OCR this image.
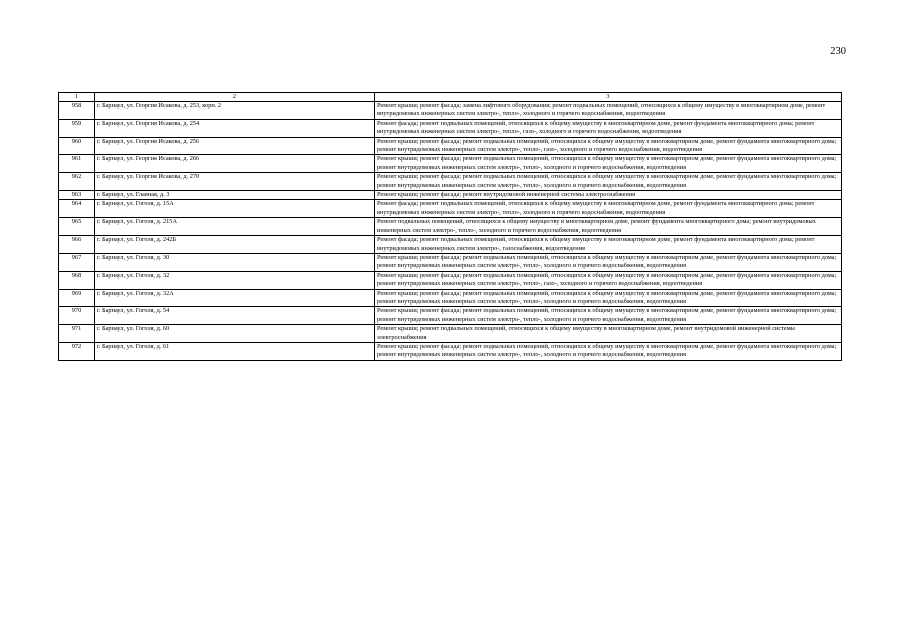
230
1	2	3
958	г. Барнаул, ул. Георгия Исакова, д. 253, корп. 2	Ремонт крыши; ремонт фасада; замена лифтового оборудования; ремонт подвальных помещений, относящихся к общему имуществу в многоквартирном доме, ремонт внутридомовых инженерных систем электро-, тепло-, холодного и горячего водоснабжения, водоотведения
959	г. Барнаул, ул. Георгия Исакова, д. 254	Ремонт фасада; ремонт подвальных помещений, относящихся к общему имуществу в многоквартирном доме, ремонт фундамента многоквартирного дома; ремонт внутридомовых инженерных систем электро-, тепло-, газо-, холодного и горячего водоснабжения, водоотведения
960	г. Барнаул, ул. Георгия Исакова, д. 256	Ремонт крыши; ремонт фасада; ремонт подвальных помещений, относящихся к общему имуществу в многоквартирном доме, ремонт фундамента многоквартирного дома; ремонт внутридомовых инженерных систем электро-, тепло-, газо-, холодного и горячего водоснабжения, водоотведения
961	г. Барнаул, ул. Георгия Исакова, д. 266	Ремонт крыши; ремонт фасада; ремонт подвальных помещений, относящихся к общему имуществу в многоквартирном доме, ремонт фундамента многоквартирного дома; ремонт внутридомовых инженерных систем электро-, тепло-, холодного и горячего водоснабжения, водоотведения
962	г. Барнаул, ул. Георгия Исакова, д. 270	Ремонт крыши; ремонт фасада; ремонт подвальных помещений, относящихся к общему имуществу в многоквартирном доме, ремонт фундамента многоквартирного дома; ремонт внутридомовых инженерных систем электро-, тепло-, холодного и горячего водоснабжения, водоотведения
963	г. Барнаул, ул. Главная, д. 3	Ремонт крыши; ремонт фасада; ремонт внутридомовой инженерной системы электроснабжения
964	г. Барнаул, ул. Гоголя, д. 15А	Ремонт фасада; ремонт подвальных помещений, относящихся к общему имуществу в многоквартирном доме, ремонт фундамента многоквартирного дома; ремонт внутридомовых инженерных систем электро-, тепло-, холодного и горячего водоснабжения, водоотведения
965	г. Барнаул, ул. Гоголя, д. 215А	Ремонт подвальных помещений, относящихся к общему имуществу в многоквартирном доме, ремонт фундамента многоквартирного дома; ремонт внутридомовых инженерных систем электро-, тепло-, холодного и горячего водоснабжения, водоотведения
966	г. Барнаул, ул. Гоголя, д. 242Б	Ремонт фасада; ремонт подвальных помещений, относящихся к общему имуществу в многоквартирном доме, ремонт фундамента многоквартирного дома; ремонт внутридомовых инженерных систем электро-, газоснабжения, водоотведения
967	г. Барнаул, ул. Гоголя, д. 30	Ремонт крыши; ремонт фасада; ремонт подвальных помещений, относящихся к общему имуществу в многоквартирном доме, ремонт фундамента многоквартирного дома; ремонт внутридомовых инженерных систем электро-, тепло-, холодного и горячего водоснабжения, водоотведения
968	г. Барнаул, ул. Гоголя, д. 32	Ремонт крыши; ремонт фасада; ремонт подвальных помещений, относящихся к общему имуществу в многоквартирном доме, ремонт фундамента многоквартирного дома; ремонт внутридомовых инженерных систем электро-, тепло-, газо-, холодного и горячего водоснабжения, водоотведения
969	г. Барнаул, ул. Гоголя, д. 32А	Ремонт крыши; ремонт фасада; ремонт подвальных помещений, относящихся к общему имуществу в многоквартирном доме, ремонт фундамента многоквартирного дома; ремонт внутридомовых инженерных систем электро-, тепло-, холодного и горячего водоснабжения, водоотведения
970	г. Барнаул, ул. Гоголя, д. 54	Ремонт крыши; ремонт фасада; ремонт подвальных помещений, относящихся к общему имуществу в многоквартирном доме, ремонт фундамента многоквартирного дома; ремонт внутридомовых инженерных систем электро-, тепло-, холодного и горячего водоснабжения, водоотведения
971	г. Барнаул, ул. Гоголя, д. 60	Ремонт крыши; ремонт подвальных помещений, относящихся к общему имуществу в многоквартирном доме, ремонт внутридомовой инженерной системы электроснабжения
972	г. Барнаул, ул. Гоголя, д. 61	Ремонт крыши; ремонт фасада; ремонт подвальных помещений, относящихся к общему имуществу в многоквартирном доме, ремонт фундамента многоквартирного дома; ремонт внутридомовых инженерных систем электро-, тепло-, холодного и горячего водоснабжения, водоотведения
